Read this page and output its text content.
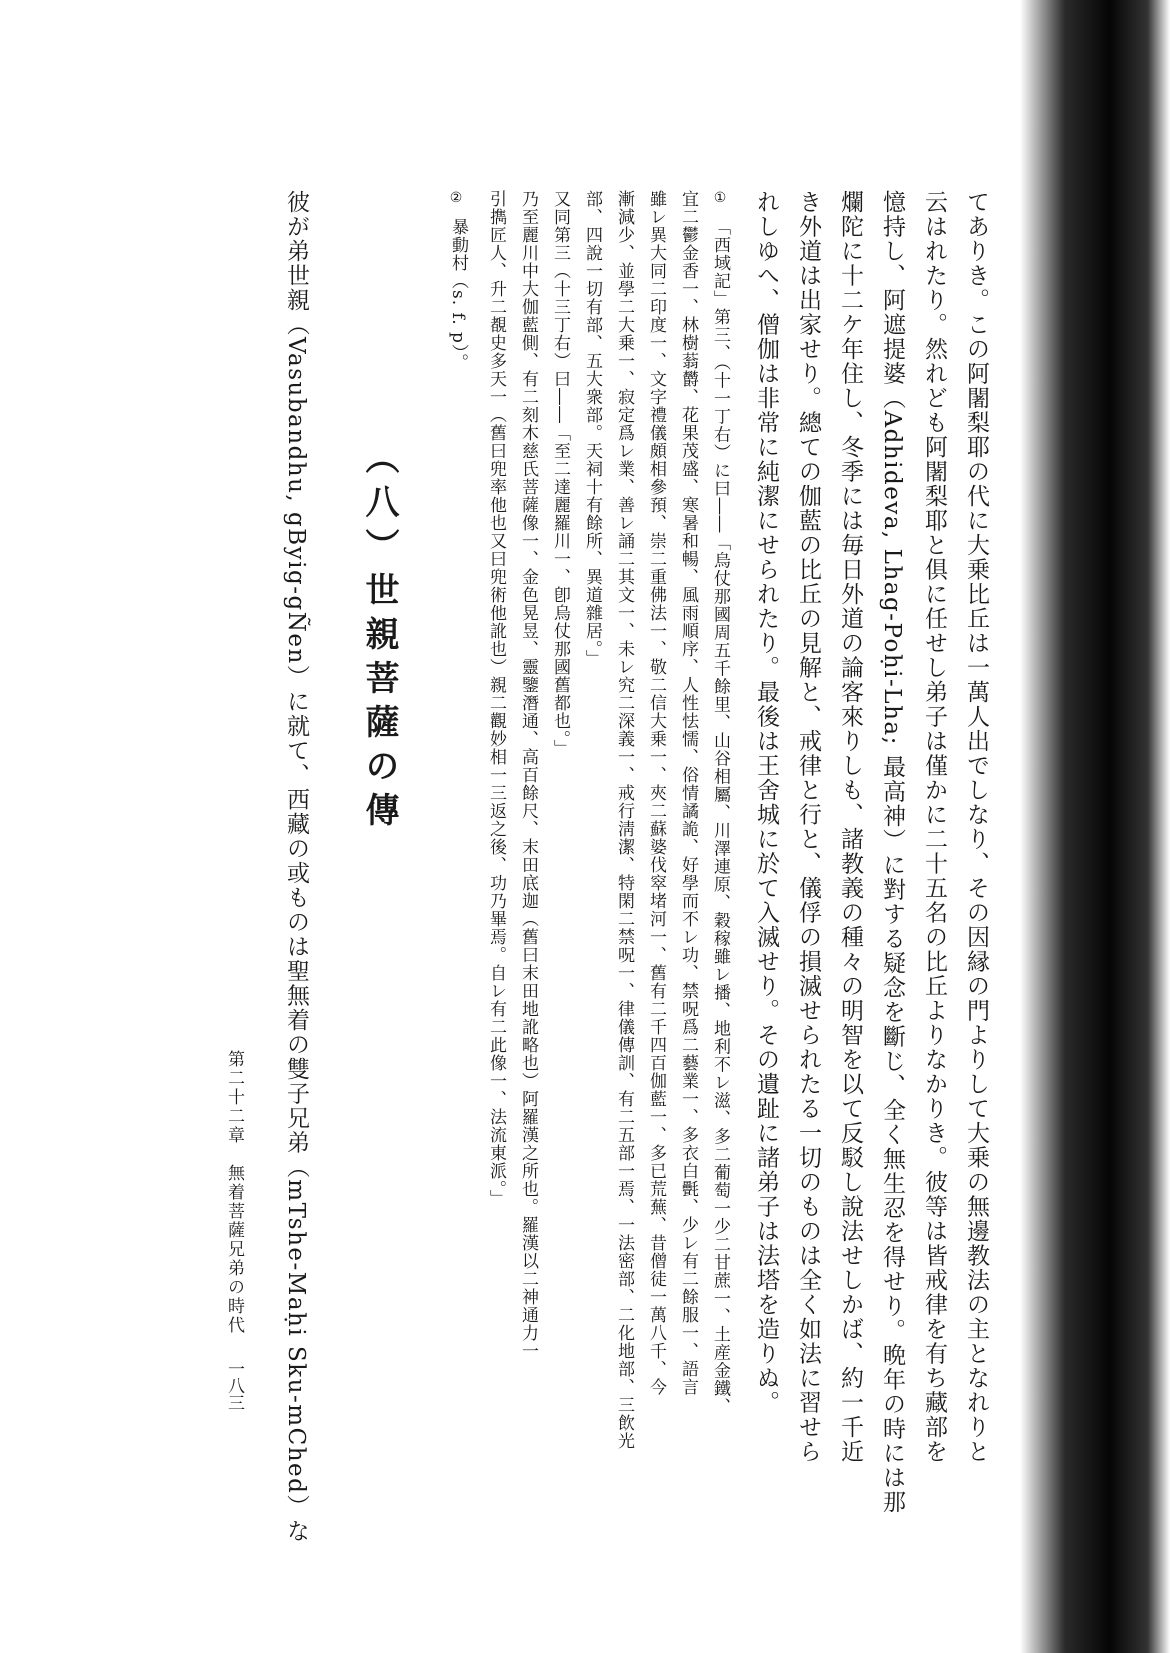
てありき。この阿闍梨耶の代に大乗比丘は一萬人出でしなり、その因縁の門よりして大乗の無邊教法の主となれりと

云はれたり。然れども阿闍梨耶と俱に任せし弟子は僅かに二十五名の比丘よりなかりき。彼等は皆戒律を有ち藏部を

憶持し、阿遮提婆（Adhideva, Lhag-Poḥi-Lha; 最高神）に對する疑念を斷じ、全く無生忍を得せり。晩年の時には那

爛陀に十二ケ年住し、冬季には毎日外道の論客來りしも、諸教義の種々の明智を以て反駁し說法せしかば、約一千近

き外道は出家せり。總ての伽藍の比丘の見解と、戒律と行と、儀俘の損滅せられたる一切のものは全く如法に習せら

れしゆへ、僧伽は非常に純潔にせられたり。最後は王舍城に於て入滅せり。その遺趾に諸弟子は法塔を造りぬ。

①

「西域記」第三、（十一丁右）に曰――「烏仗那國周五千餘里、山谷相屬、川澤連原、穀稼雖レ播、地利不レ滋、多二葡萄一少二甘蔗一、土産金鐵、

宜二鬱金香一、林樹蓊欝、花果茂盛、寒暑和暢、風雨順序、人性怯懦、俗情譎詭、好學而不レ功、禁呪爲二藝業一、多衣白㲲、少レ有二餘服一、語言

雖レ異大同二印度一、文字禮儀頗相參預、崇二重佛法一、敬二信大乗一、夾二蘇婆伐窣堵河一、舊有二千四百伽藍一、多已荒蕪、昔僧徒一萬八千、今

漸減少、並學二大乗一、寂定爲レ業、善レ誦二其文一、未レ究二深義一、戒行淸潔、特閑二禁呪一、律儀傳訓、有二五部一焉、一法密部、二化地部、三飲光

部、四說一切有部、五大衆部。天祠十有餘所、異道雜居。」

又同第三（十三丁右）曰――「至二達麗羅川一、卽烏仗那國舊都也。」

乃至麗川中大伽藍側、有二刻木慈氏菩薩像一、金色晃昱、靈鑒潛通、高百餘尺、末田底迦（舊曰末田地訛略也）阿羅漢之所也。羅漢以二神通力一

引擕匠人、升二覩史多天一（舊曰兜率他也又曰兜術他訛也）親二觀妙相一三返之後、功乃畢焉。自レ有二此像一、法流東派。」

②

暴動村（s. f. p）。

（八）世親菩薩の傳

彼が弟世親（Vasubandhu, gByig-gÑen）に就て、西藏の或ものは聖無着の雙子兄弟（mTshe-Maḥi Sku-mChed）な

第二十二章　無着菩薩兄弟の時代
一八三
